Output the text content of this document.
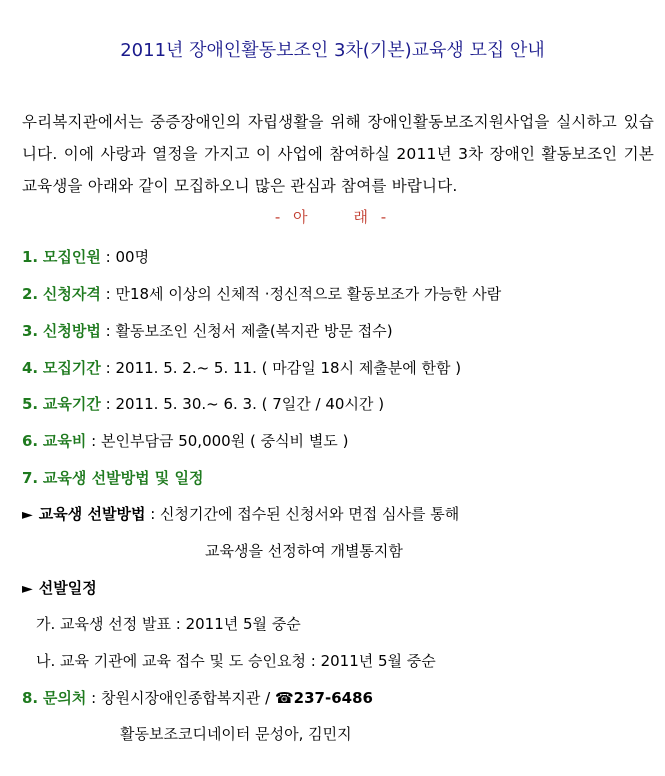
2011년 장애인활동보조인 3차(기본)교육생 모집 안내
우리복지관에서는 중증장애인의 자립생활을 위해 장애인활동보조지원사업을 실시하고 있습니다. 이에 사랑과 열정을 가지고 이 사업에 참여하실 2011년 3차 장애인 활동보조인 기본 교육생을 아래와 같이 모집하오니 많은 관심과 참여를 바랍니다.
- 아	래 -
1. 모집인원 : 00명
2. 신청자격 : 만18세 이상의 신체적 ·정신적으로 활동보조가 가능한 사람
3. 신청방법 : 활동보조인 신청서 제출(복지관 방문 접수)
4. 모집기간 : 2011. 5. 2.~ 5. 11. ( 마감일 18시 제출분에 한함 )
5. 교육기간 : 2011. 5. 30.~ 6. 3. ( 7일간 / 40시간 )
6. 교육비 : 본인부담금 50,000원 ( 중식비 별도 )
7. 교육생 선발방법 및 일정
► 교육생 선발방법 : 신청기간에 접수된 신청서와 면접 심사를 통해
교육생을 선정하여 개별통지함
► 선발일정
가. 교육생 선정 발표 : 2011년 5월 중순
나. 교육 기관에 교육 접수 및 도 승인요청 : 2011년 5월 중순
8. 문의처 : 창원시장애인종합복지관 / ☎237-6486
활동보조코디네이터 문성아, 김민지
